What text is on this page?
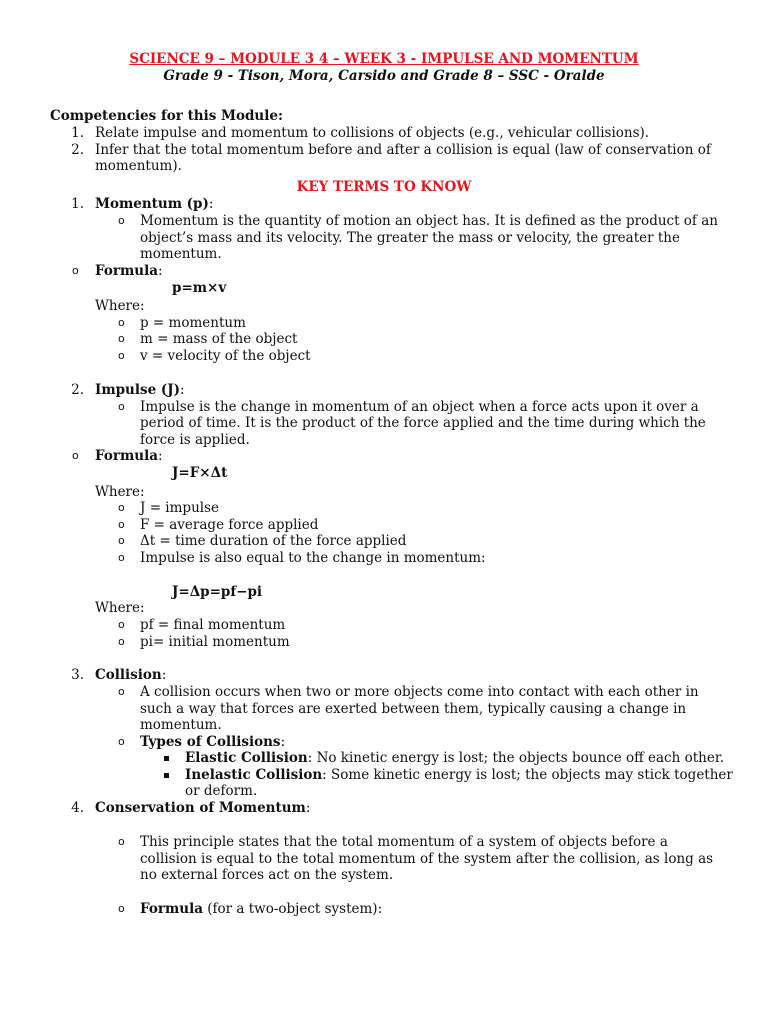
SCIENCE 9 – MODULE 3 4 – WEEK 3 - IMPULSE AND MOMENTUM
Grade 9 - Tison, Mora, Carsido and Grade 8 – SSC - Oralde
Competencies for this Module:
1. Relate impulse and momentum to collisions of objects (e.g., vehicular collisions).
2. Infer that the total momentum before and after a collision is equal (law of conservation of
momentum).
KEY TERMS TO KNOW
1. Momentum (p):
o Momentum is the quantity of motion an object has. It is defined as the product of an
object’s mass and its velocity. The greater the mass or velocity, the greater the
momentum.
o Formula:
p=m×v
Where:
o p = momentum
o m = mass of the object
o v = velocity of the object
2. Impulse (J):
o Impulse is the change in momentum of an object when a force acts upon it over a
period of time. It is the product of the force applied and the time during which the
force is applied.
o Formula:
J=F×Δt
Where:
o J = impulse
o F = average force applied
o Δt = time duration of the force applied
o Impulse is also equal to the change in momentum:
J=Δp=pf−pi
Where:
o pf = final momentum
o pi= initial momentum
3. Collision:
o A collision occurs when two or more objects come into contact with each other in
such a way that forces are exerted between them, typically causing a change in
momentum.
o Types of Collisions:
Elastic Collision: No kinetic energy is lost; the objects bounce off each other.
Inelastic Collision: Some kinetic energy is lost; the objects may stick together
or deform.
4. Conservation of Momentum:
o This principle states that the total momentum of a system of objects before a
collision is equal to the total momentum of the system after the collision, as long as
no external forces act on the system.
o Formula (for a two-object system):
